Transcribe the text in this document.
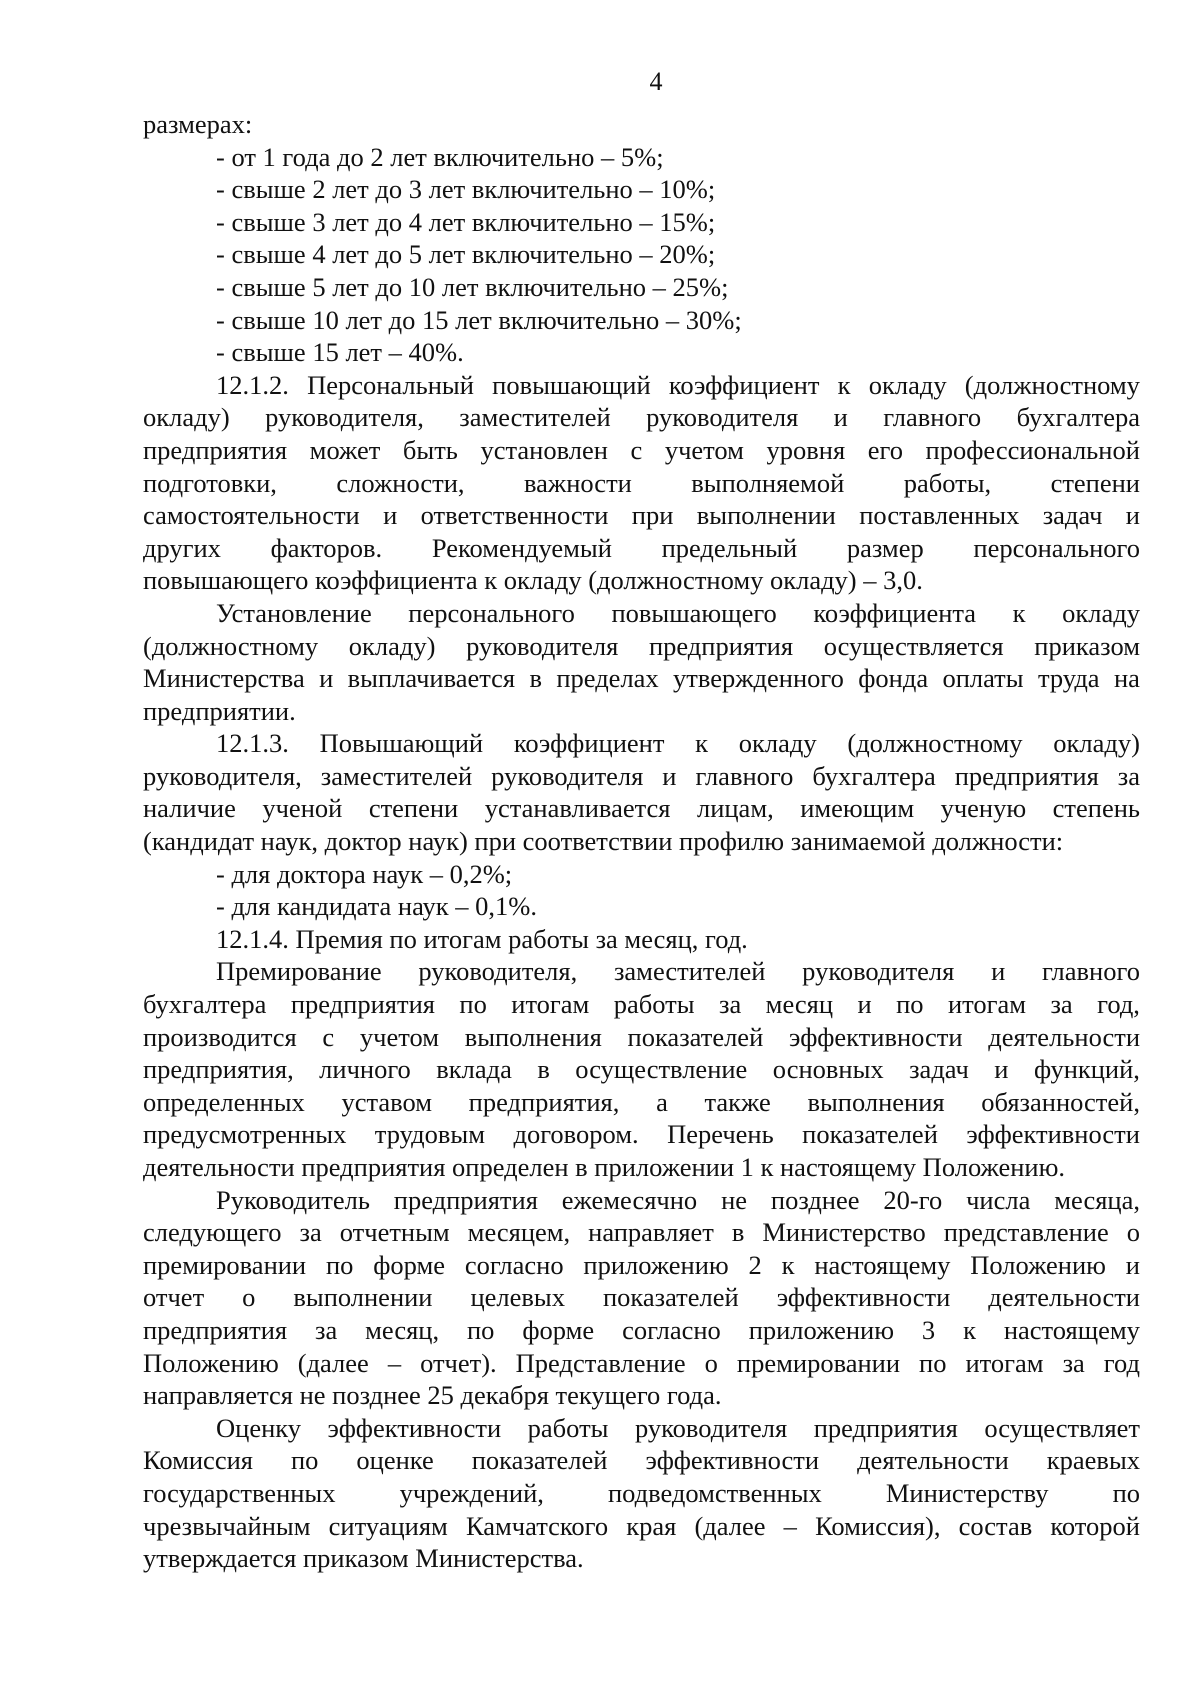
4

размерах:

- от 1 года до 2 лет включительно – 5%;

- свыше 2 лет до 3 лет включительно – 10%;

- свыше 3 лет до 4 лет включительно – 15%;

- свыше 4 лет до 5 лет включительно – 20%;

- свыше 5 лет до 10 лет включительно – 25%;

- свыше 10 лет до 15 лет включительно – 30%;

- свыше 15 лет – 40%.

12.1.2. Персональный повышающий коэффициент к окладу (должностному
окладу) руководителя, заместителей руководителя и главного бухгалтера
предприятия может быть установлен с учетом уровня его профессиональной
подготовки, сложности, важности выполняемой работы, степени
самостоятельности и ответственности при выполнении поставленных задач и
других факторов. Рекомендуемый предельный размер персонального

повышающего коэффициента к окладу (должностному окладу) – 3,0.

Установление персонального повышающего коэффициента к окладу
(должностному окладу) руководителя предприятия осуществляется приказом
Министерства и выплачивается в пределах утвержденного фонда оплаты труда на

предприятии.

12.1.3. Повышающий коэффициент к окладу (должностному окладу)
руководителя, заместителей руководителя и главного бухгалтера предприятия за
наличие ученой степени устанавливается лицам, имеющим ученую степень

(кандидат наук, доктор наук) при соответствии профилю занимаемой должности:

- для доктора наук – 0,2%;

- для кандидата наук – 0,1%.

12.1.4. Премия по итогам работы за месяц, год.

Премирование руководителя, заместителей руководителя и главного
бухгалтера предприятия по итогам работы за месяц и по итогам за год,
производится с учетом выполнения показателей эффективности деятельности
предприятия, личного вклада в осуществление основных задач и функций,
определенных уставом предприятия, а также выполнения обязанностей,
предусмотренных трудовым договором. Перечень показателей эффективности

деятельности предприятия определен в приложении 1 к настоящему Положению.

Руководитель предприятия ежемесячно не позднее 20-го числа месяца,
следующего за отчетным месяцем, направляет в Министерство представление о
премировании по форме согласно приложению 2 к настоящему Положению и
отчет о выполнении целевых показателей эффективности деятельности
предприятия за месяц, по форме согласно приложению 3 к настоящему
Положению (далее – отчет). Представление о премировании по итогам за год

направляется не позднее 25 декабря текущего года.

Оценку эффективности работы руководителя предприятия осуществляет
Комиссия по оценке показателей эффективности деятельности краевых
государственных учреждений, подведомственных Министерству по
чрезвычайным ситуациям Камчатского края (далее – Комиссия), состав которой

утверждается приказом Министерства.
